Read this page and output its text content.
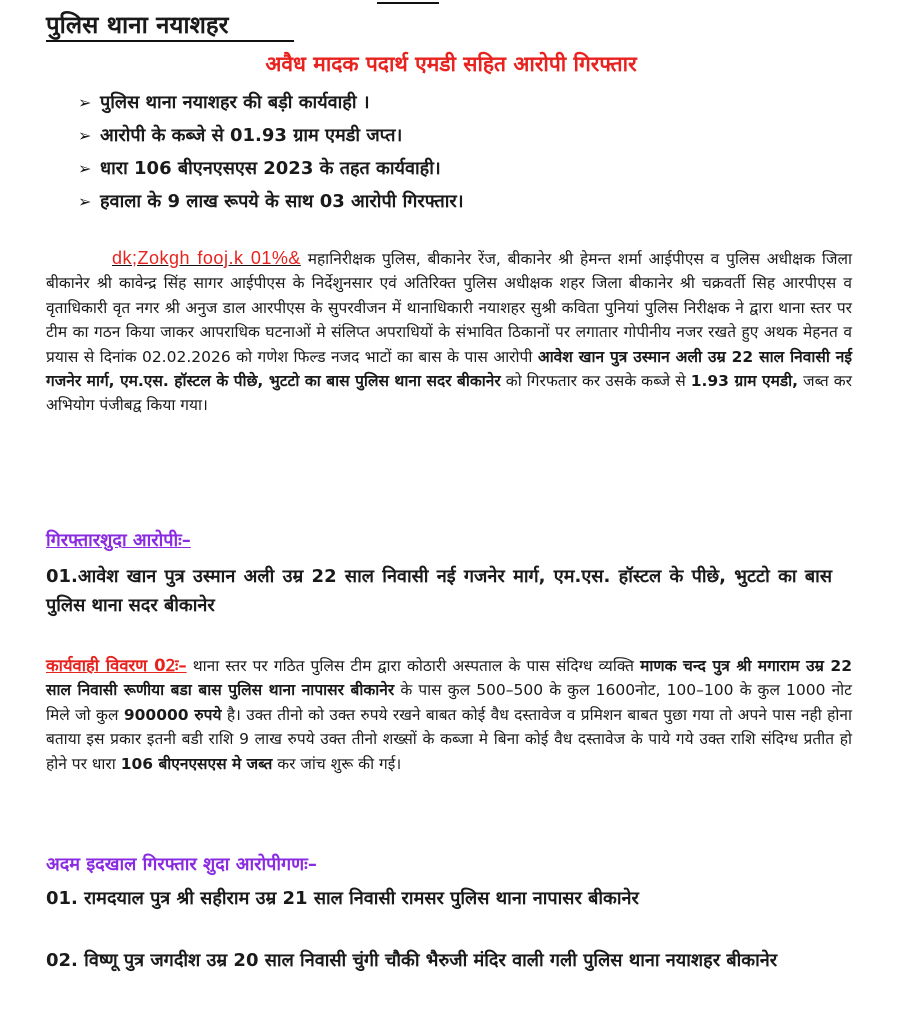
पुलिस थाना नयाशहर
अवैध मादक पदार्थ एमडी सहित आरोपी गिरफ्तार
➢ पुलिस थाना नयाशहर की बड़ी कार्यवाही ।
➢ आरोपी के कब्जे से 01.93 ग्राम एमडी जप्त।
➢ धारा 106 बीएनएसएस 2023 के तहत कार्यवाही।
➢ हवाला के 9 लाख रूपये के साथ 03 आरोपी गिरफ्तार।

dk;Zokgh fooj.k 01%& महानिरीक्षक पुलिस, बीकानेर रेंज, बीकानेर श्री हेमन्त शर्मा आईपीएस व पुलिस अधीक्षक जिला बीकानेर श्री कावेन्द्र सिंह सागर आईपीएस के निर्देशुनसार एवं अतिरिक्त पुलिस अधीक्षक शहर जिला बीकानेर श्री चक्रवर्ती सिह आरपीएस व वृताधिकारी वृत नगर श्री अनुज डाल आरपीएस के सुपरवीजन में थानाधिकारी नयाशहर सुश्री कविता पुनियां पुलिस निरीक्षक ने द्वारा थाना स्तर पर टीम का गठन किया जाकर आपराधिक घटनाओं मे संलिप्त अपराधियों के संभावित ठिकानों पर लगातार गोपीनीय नजर रखते हुए अथक मेहनत व प्रयास से दिनांक 02.02.2026 को गणेश फिल्ड नजद भाटों का बास के पास आरोपी आवेश खान पुत्र उस्मान अली उम्र 22 साल निवासी नई गजनेर मार्ग, एम.एस. हॉस्टल के पीछे, भुटटो का बास पुलिस थाना सदर बीकानेर को गिरफतार कर उसके कब्जे से 1.93 ग्राम एमडी, जब्त कर अभियोग पंजीबद्व किया गया।

गिरफ्तारशुदा आरोपीः–

01.आवेश खान पुत्र उस्मान अली उम्र 22 साल निवासी नई गजनेर मार्ग, एम.एस. हॉस्टल के पीछे, भुटटो का बास पुलिस थाना सदर बीकानेर

कार्यवाही विवरण 02ः– थाना स्तर पर गठित पुलिस टीम द्वारा कोठारी अस्पताल के पास संदिग्ध व्यक्ति माणक चन्द पुत्र श्री मगाराम उम्र 22 साल निवासी रूणीया बडा बास पुलिस थाना नापासर बीकानेर के पास कुल 500–500 के कुल 1600नोट, 100–100 के कुल 1000 नोट मिले जो कुल 900000 रुपये है। उक्त तीनो को उक्त रुपये रखने बाबत कोई वैध दस्तावेज व प्रमिशन बाबत पुछा गया तो अपने पास नही होना बताया इस प्रकार इतनी बडी राशि 9 लाख रुपये उक्त तीनो शख्सों के कब्जा मे बिना कोई वैध दस्तावेज के पाये गये उक्त राशि संदिग्ध प्रतीत हो होने पर धारा 106 बीएनएसएस मे जब्त कर जांच शुरू की गई।

अदम इदखाल गिरफ्तार शुदा आरोपीगणः–

01. रामदयाल पुत्र श्री सहीराम उम्र 21 साल निवासी रामसर पुलिस थाना नापासर बीकानेर

02. विष्णू पुत्र जगदीश उम्र 20 साल निवासी चुंगी चौकी भैरुजी मंदिर वाली गली पुलिस थाना नयाशहर बीकानेर
